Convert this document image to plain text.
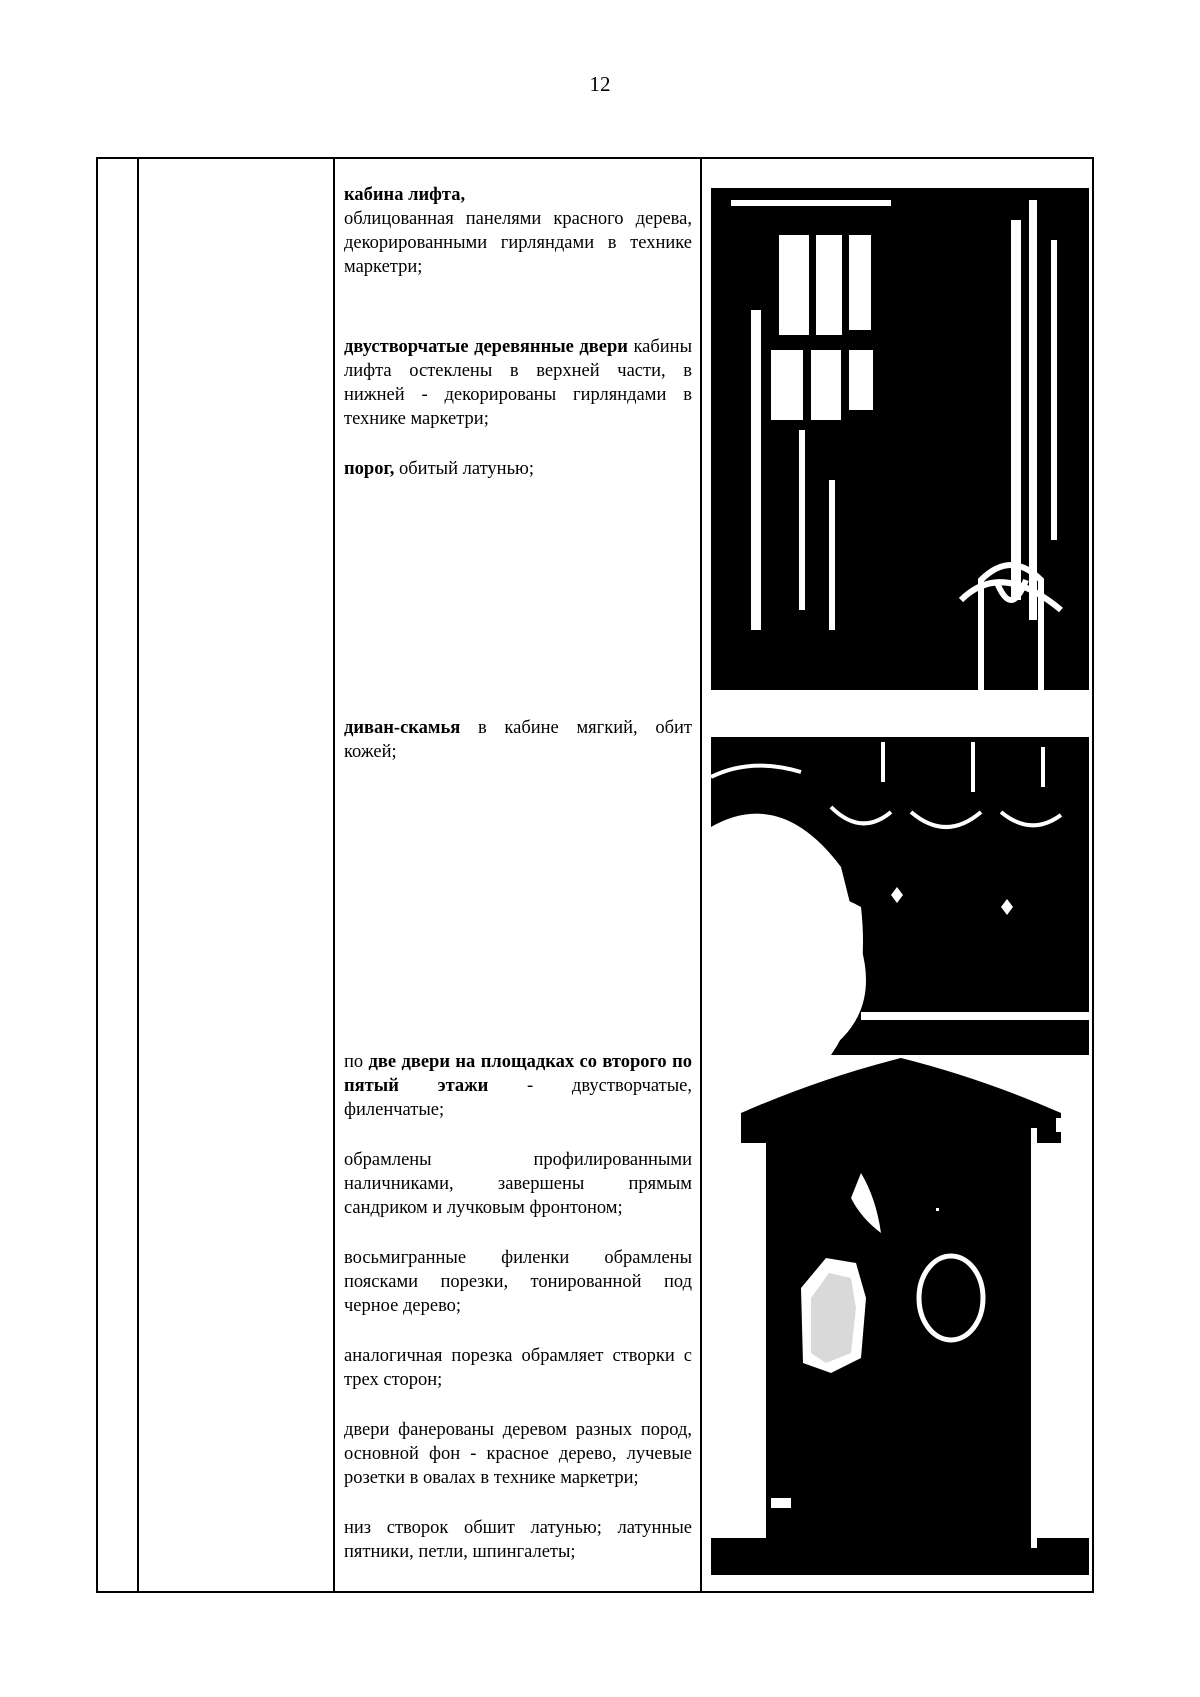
12

кабина лифта,
облицованная панелями красного дерева, декорированными гирляндами в технике маркетри;

двустворчатые деревянные двери кабины лифта остеклены в верхней части, в нижней - декорированы гирляндами в технике маркетри;

порог, обитый латунью;

диван-скамья в кабине мягкий, обит кожей;

по две двери на площадках со второго по пятый этажи - двустворчатые, филенчатые;

обрамлены профилированными наличниками, завершены прямым сандриком и лучковым фронтоном;

восьмигранные филенки обрамлены поясками порезки, тонированной под черное дерево;

аналогичная порезка обрамляет створки с трех сторон;

двери фанерованы деревом разных пород, основной фон - красное дерево, лучевые розетки в овалах в технике маркетри;

низ створок обшит латунью; латунные пятники, петли, шпингалеты;
